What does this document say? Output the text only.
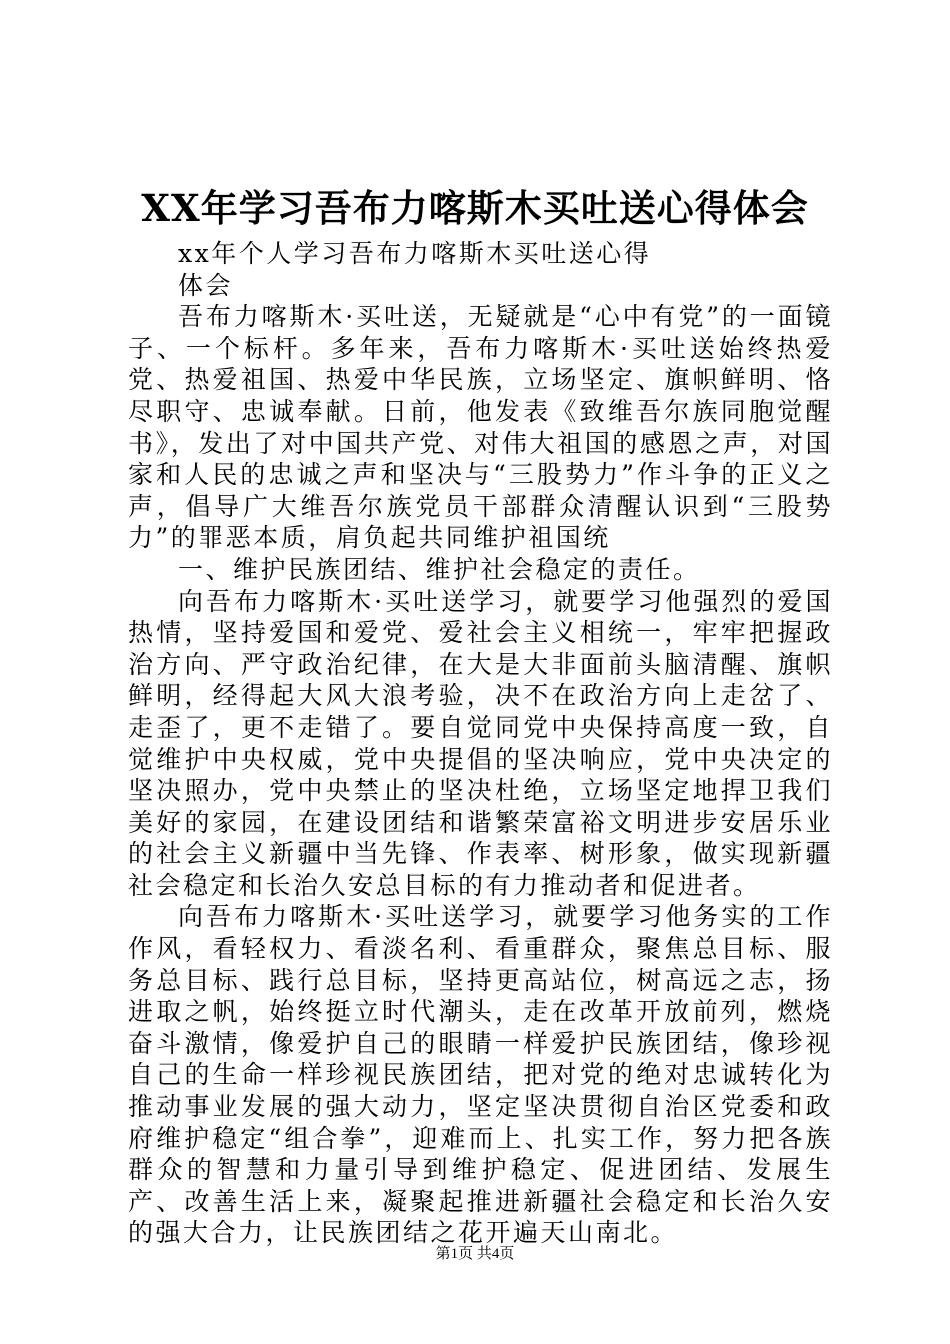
XX年学习吾布力喀斯木买吐送心得体会

xx年个人学习吾布力喀斯木买吐送心得

体会

吾布力喀斯木·买吐送，无疑就是“心中有党”的一面镜子、一个标杆。多年来，吾布力喀斯木·买吐送始终热爱党、热爱祖国、热爱中华民族，立场坚定、旗帜鲜明、恪尽职守、忠诚奉献。日前，他发表《致维吾尔族同胞觉醒书》，发出了对中国共产党、对伟大祖国的感恩之声，对国家和人民的忠诚之声和坚决与“三股势力”作斗争的正义之声，倡导广大维吾尔族党员干部群众清醒认识到“三股势力”的罪恶本质，肩负起共同维护祖国统

一、维护民族团结、维护社会稳定的责任。

向吾布力喀斯木·买吐送学习，就要学习他强烈的爱国热情，坚持爱国和爱党、爱社会主义相统一，牢牢把握政治方向、严守政治纪律，在大是大非面前头脑清醒、旗帜鲜明，经得起大风大浪考验，决不在政治方向上走岔了、走歪了，更不走错了。要自觉同党中央保持高度一致，自觉维护中央权威，党中央提倡的坚决响应，党中央决定的坚决照办，党中央禁止的坚决杜绝，立场坚定地捍卫我们美好的家园，在建设团结和谐繁荣富裕文明进步安居乐业的社会主义新疆中当先锋、作表率、树形象，做实现新疆社会稳定和长治久安总目标的有力推动者和促进者。

向吾布力喀斯木·买吐送学习，就要学习他务实的工作作风，看轻权力、看淡名利、看重群众，聚焦总目标、服务总目标、践行总目标，坚持更高站位，树高远之志，扬进取之帆，始终挺立时代潮头，走在改革开放前列，燃烧奋斗激情，像爱护自己的眼睛一样爱护民族团结，像珍视自己的生命一样珍视民族团结，把对党的绝对忠诚转化为推动事业发展的强大动力，坚定坚决贯彻自治区党委和政府维护稳定“组合拳”，迎难而上、扎实工作，努力把各族群众的智慧和力量引导到维护稳定、促进团结、发展生产、改善生活上来，凝聚起推进新疆社会稳定和长治久安的强大合力，让民族团结之花开遍天山南北。

第1页 共4页
